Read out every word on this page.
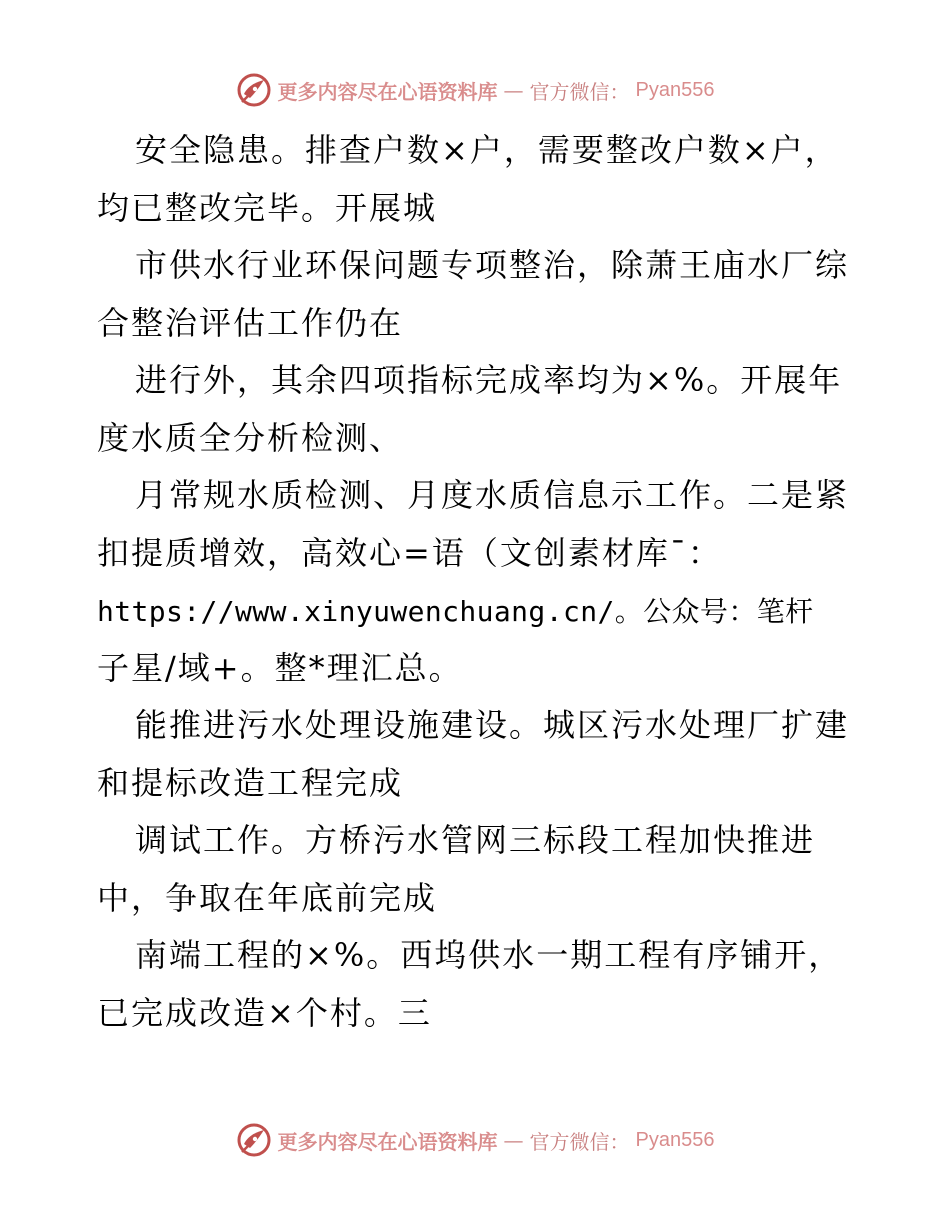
更多内容尽在心语资料库 — 官方微信： Pyan556
安全隐患。排查户数×户，需要整改户数×户，
均已整改完毕。开展城
市供水行业环保问题专项整治，除萧王庙水厂综
合整治评估工作仍在
进行外，其余四项指标完成率均为×%。开展年
度水质全分析检测、
月常规水质检测、月度水质信息示工作。二是紧
扣提质增效，高效心=语（文创素材库¯：
https://www.xinyuwenchuang.cn/。公众号：笔杆
子星/域+。整*理汇总。
能推进污水处理设施建设。城区污水处理厂扩建
和提标改造工程完成
调试工作。方桥污水管网三标段工程加快推进
中，争取在年底前完成
南端工程的×%。西坞供水一期工程有序铺开，
已完成改造×个村。三
更多内容尽在心语资料库 — 官方微信： Pyan556
